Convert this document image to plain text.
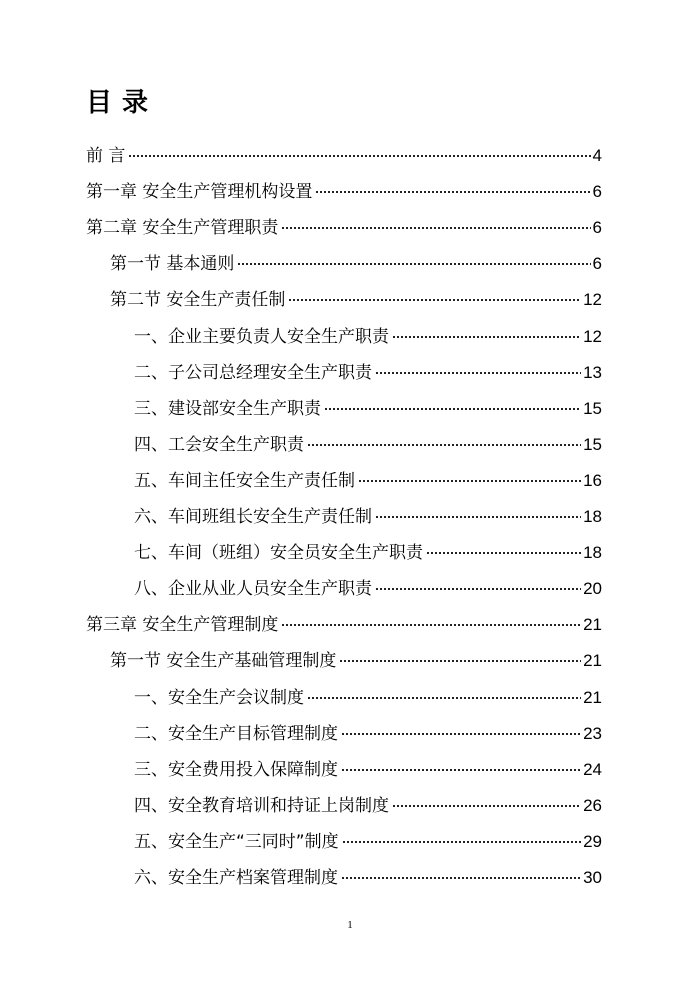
目录
前 言	4
第一章 安全生产管理机构设置	6
第二章 安全生产管理职责	6
第一节 基本通则	6
第二节 安全生产责任制	12
一、企业主要负责人安全生产职责	12
二、子公司总经理安全生产职责	13
三、建设部安全生产职责	15
四、工会安全生产职责	15
五、车间主任安全生产责任制	16
六、车间班组长安全生产责任制	18
七、车间（班组）安全员安全生产职责	18
八、企业从业人员安全生产职责	20
第三章 安全生产管理制度	21
第一节 安全生产基础管理制度	21
一、安全生产会议制度	21
二、安全生产目标管理制度	23
三、安全费用投入保障制度	24
四、安全教育培训和持证上岗制度	26
五、安全生产“三同时”制度	29
六、安全生产档案管理制度	30
1
